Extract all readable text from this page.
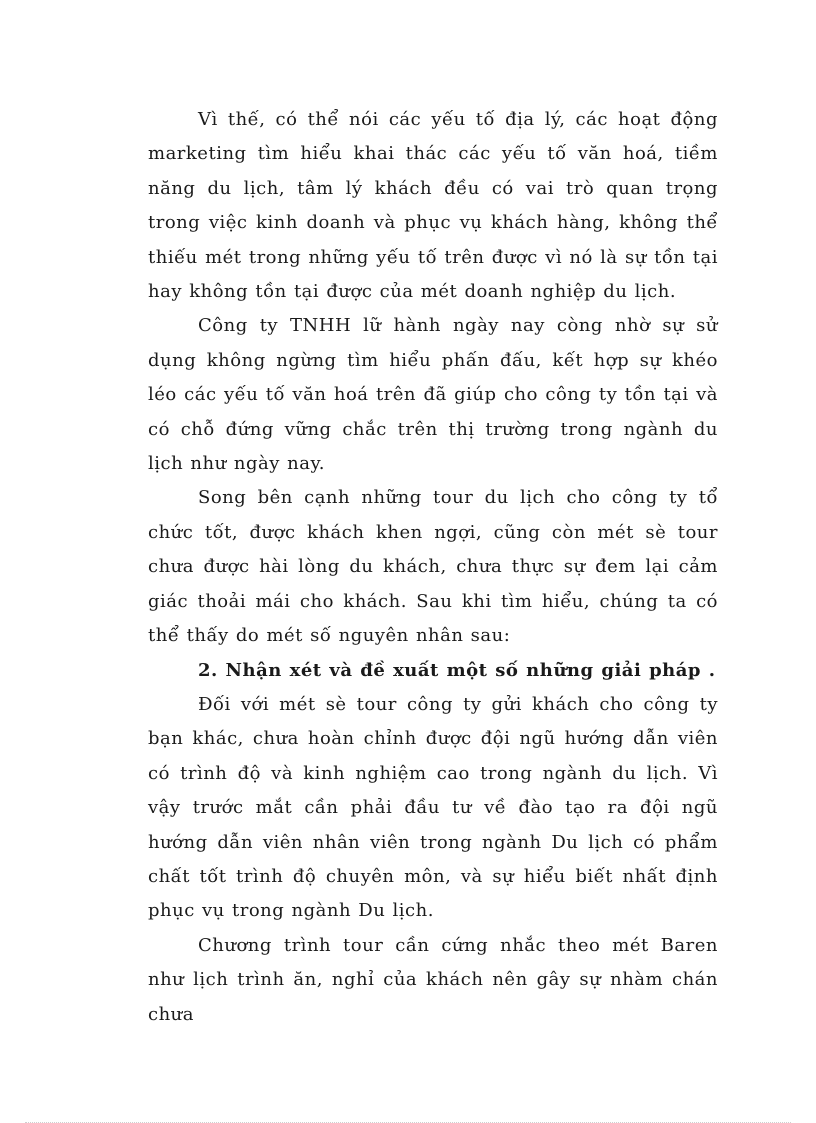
Vì thế, có thể nói các yếu tố địa lý, các hoạt động marketing tìm hiểu khai thác các yếu tố văn hoá, tiềm năng du lịch, tâm lý khách đều có vai trò quan trọng trong việc kinh doanh và phục vụ khách hàng, không thể thiếu mét trong những yếu tố trên được vì nó là sự tồn tại hay không tồn tại được của mét doanh nghiệp du lịch.

Công ty TNHH lữ hành ngày nay còng nhờ sự sử dụng không ngừng tìm hiểu phấn đấu, kết hợp sự khéo léo các yếu tố văn hoá trên đã giúp cho công ty tồn tại và có chỗ đứng vững chắc trên thị trường trong ngành du lịch như ngày nay.

Song bên cạnh những tour du lịch cho công ty tổ chức tốt, được khách khen ngợi, cũng còn mét sè tour chưa được hài lòng du khách, chưa thực sự đem lại cảm giác thoải mái cho khách. Sau khi tìm hiểu, chúng ta có thể thấy do mét số nguyên nhân sau:

2. Nhận xét và đề xuất một số những giải pháp .

Đối với mét sè tour công ty gửi khách cho công ty bạn khác, chưa hoàn chỉnh được đội ngũ hướng dẫn viên có trình độ và kinh nghiệm cao trong ngành du lịch. Vì vậy trước mắt cần phải đầu tư về đào tạo ra đội ngũ hướng dẫn viên nhân viên trong ngành Du lịch có phẩm chất tốt trình độ chuyên môn, và sự hiểu biết nhất định phục vụ trong ngành Du lịch.

Chương trình tour cần cứng nhắc theo mét Baren như lịch trình ăn, nghỉ của khách nên gây sự nhàm chán chưa
